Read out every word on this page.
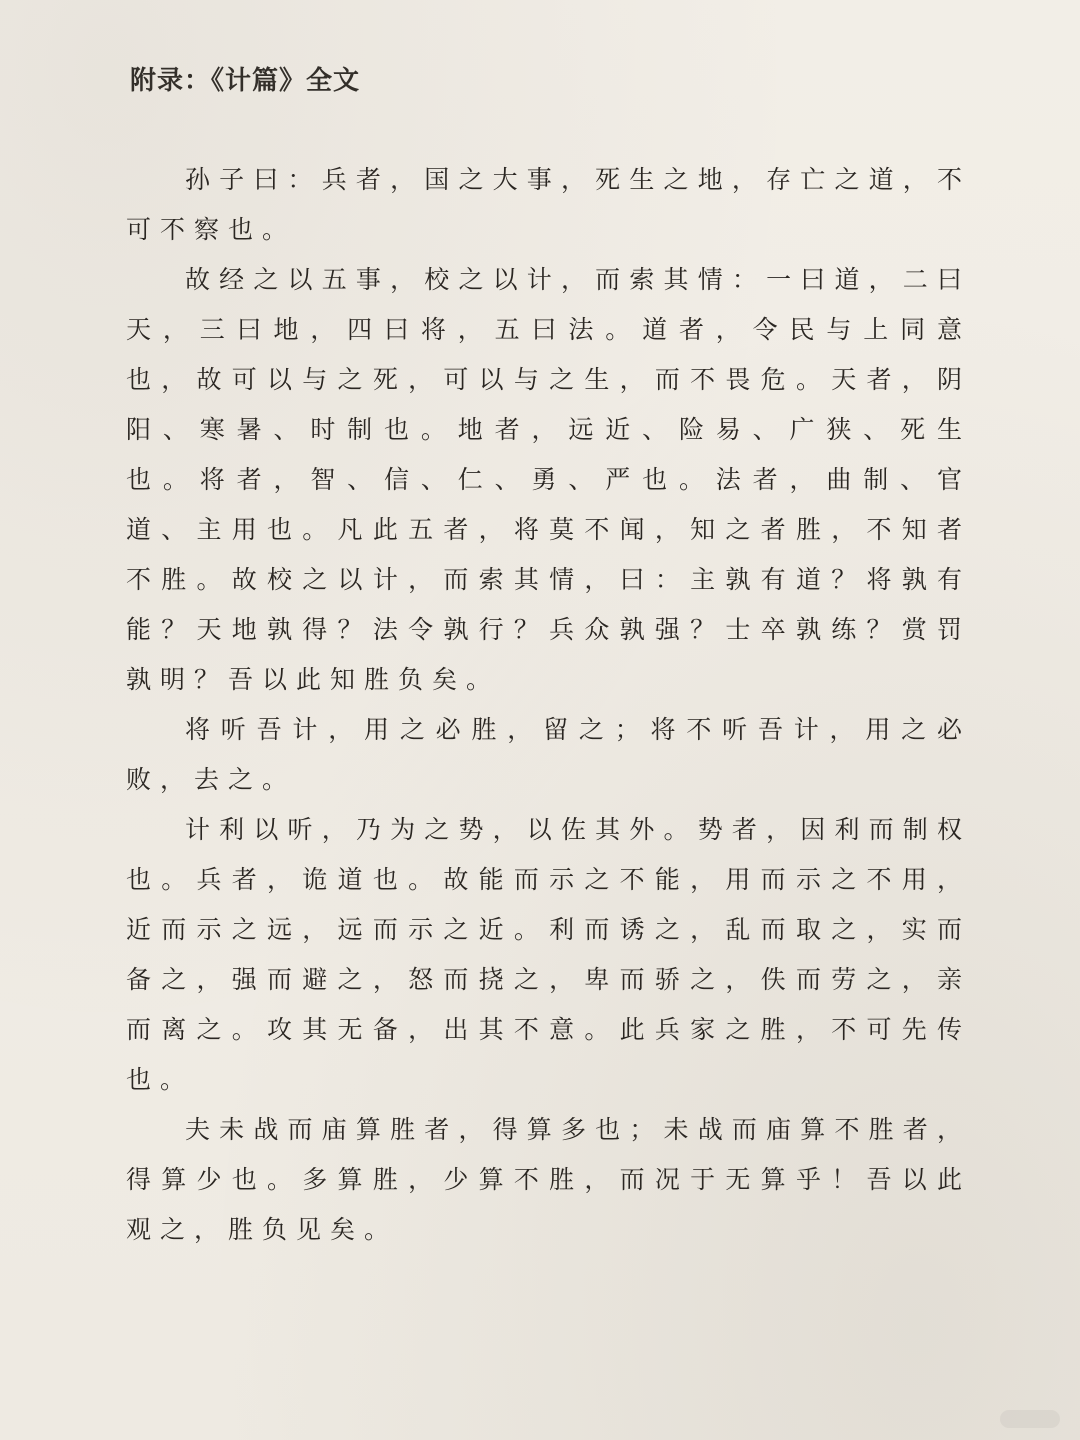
附录：《计篇》全文

孙子曰：兵者，国之大事，死生之地，存亡之道，不可不察也。

故经之以五事，校之以计，而索其情：一曰道，二曰天，三曰地，四曰将，五曰法。道者，令民与上同意也，故可以与之死，可以与之生，而不畏危。天者，阴阳、寒暑、时制也。地者，远近、险易、广狭、死生也。将者，智、信、仁、勇、严也。法者，曲制、官道、主用也。凡此五者，将莫不闻，知之者胜，不知者不胜。故校之以计，而索其情，曰：主孰有道？将孰有能？天地孰得？法令孰行？兵众孰强？士卒孰练？赏罚孰明？吾以此知胜负矣。

将听吾计，用之必胜，留之；将不听吾计，用之必败，去之。

计利以听，乃为之势，以佐其外。势者，因利而制权也。兵者，诡道也。故能而示之不能，用而示之不用，近而示之远，远而示之近。利而诱之，乱而取之，实而备之，强而避之，怒而挠之，卑而骄之，佚而劳之，亲而离之。攻其无备，出其不意。此兵家之胜，不可先传也。

夫未战而庙算胜者，得算多也；未战而庙算不胜者，得算少也。多算胜，少算不胜，而况于无算乎！吾以此观之，胜负见矣。
